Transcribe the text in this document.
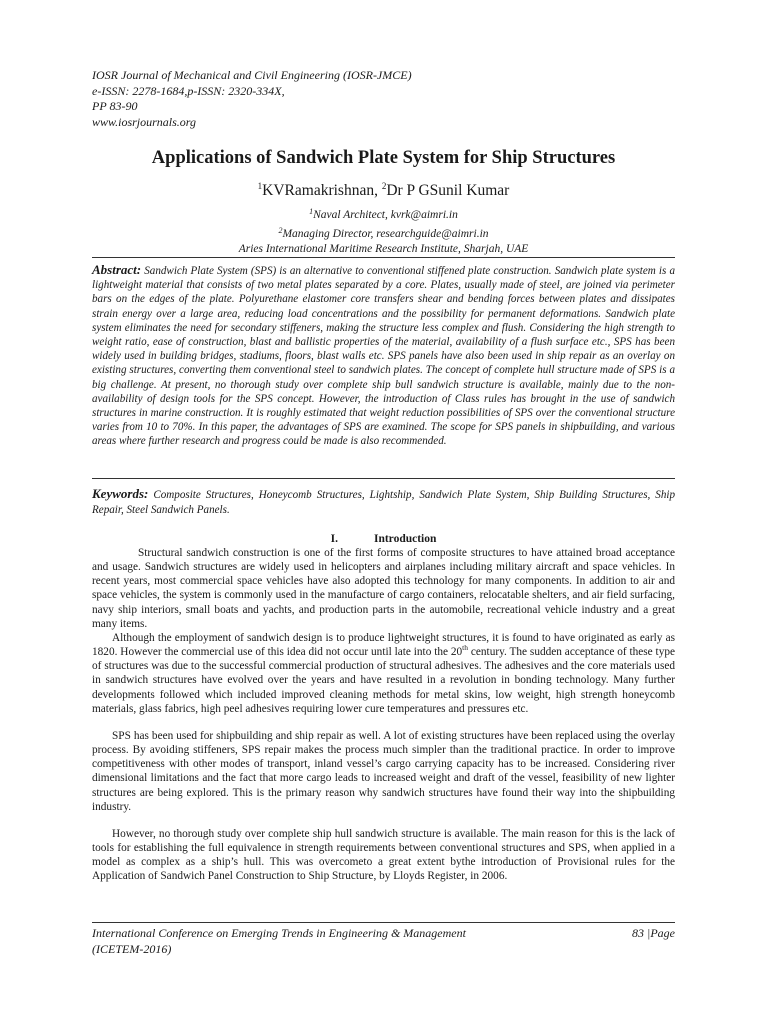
IOSR Journal of Mechanical and Civil Engineering (IOSR-JMCE)
e-ISSN: 2278-1684,p-ISSN: 2320-334X,
PP 83-90
www.iosrjournals.org
Applications of Sandwich Plate System for Ship Structures
$^1$KVRamakrishnan, $^2$Dr P GSunil Kumar
$^1$Naval Architect, kvrk@aimri.in
$^2$Managing Director, researchguide@aimri.in
Aries International Maritime Research Institute, Sharjah, UAE
Abstract: Sandwich Plate System (SPS) is an alternative to conventional stiffened plate construction. Sandwich plate system is a lightweight material that consists of two metal plates separated by a core. Plates, usually made of steel, are joined via perimeter bars on the edges of the plate. Polyurethane elastomer core transfers shear and bending forces between plates and dissipates strain energy over a large area, reducing load concentrations and the possibility for permanent deformations. Sandwich plate system eliminates the need for secondary stiffeners, making the structure less complex and flush. Considering the high strength to weight ratio, ease of construction, blast and ballistic properties of the material, availability of a flush surface etc., SPS has been widely used in building bridges, stadiums, floors, blast walls etc. SPS panels have also been used in ship repair as an overlay on existing structures, converting them conventional steel to sandwich plates. The concept of complete hull structure made of SPS is a big challenge. At present, no thorough study over complete ship bull sandwich structure is available, mainly due to the non-availability of design tools for the SPS concept. However, the introduction of Class rules has brought in the use of sandwich structures in marine construction. It is roughly estimated that weight reduction possibilities of SPS over the conventional structure varies from 10 to 70%. In this paper, the advantages of SPS are examined. The scope for SPS panels in shipbuilding, and various areas where further research and progress could be made is also recommended.
Keywords: Composite Structures, Honeycomb Structures, Lightship, Sandwich Plate System, Ship Building Structures, Ship Repair, Steel Sandwich Panels.
I.	Introduction

Structural sandwich construction is one of the first forms of composite structures to have attained broad acceptance and usage. Sandwich structures are widely used in helicopters and airplanes including military aircraft and space vehicles. In recent years, most commercial space vehicles have also adopted this technology for many components. In addition to air and space vehicles, the system is commonly used in the manufacture of cargo containers, relocatable shelters, and air field surfacing, navy ship interiors, small boats and yachts, and production parts in the automobile, recreational vehicle industry and a great many items.

Although the employment of sandwich design is to produce lightweight structures, it is found to have originated as early as 1820. However the commercial use of this idea did not occur until late into the 20th century. The sudden acceptance of these type of structures was due to the successful commercial production of structural adhesives. The adhesives and the core materials used in sandwich structures have evolved over the years and have resulted in a revolution in bonding technology. Many further developments followed which included improved cleaning methods for metal skins, low weight, high strength honeycomb materials, glass fabrics, high peel adhesives requiring lower cure temperatures and pressures etc.

SPS has been used for shipbuilding and ship repair as well. A lot of existing structures have been replaced using the overlay process. By avoiding stiffeners, SPS repair makes the process much simpler than the traditional practice. In order to improve competitiveness with other modes of transport, inland vessel’s cargo carrying capacity has to be increased. Considering river dimensional limitations and the fact that more cargo leads to increased weight and draft of the vessel, feasibility of new lighter structures are being explored. This is the primary reason why sandwich structures have found their way into the shipbuilding industry.

However, no thorough study over complete ship hull sandwich structure is available. The main reason for this is the lack of tools for establishing the full equivalence in strength requirements between conventional structures and SPS, when applied in a model as complex as a ship’s hull. This was overcometo a great extent bythe introduction of Provisional rules for the Application of Sandwich Panel Construction to Ship Structure, by Lloyds Register, in 2006.

International Conference on Emerging Trends in Engineering & Management	83 |Page
(ICETEM-2016)
